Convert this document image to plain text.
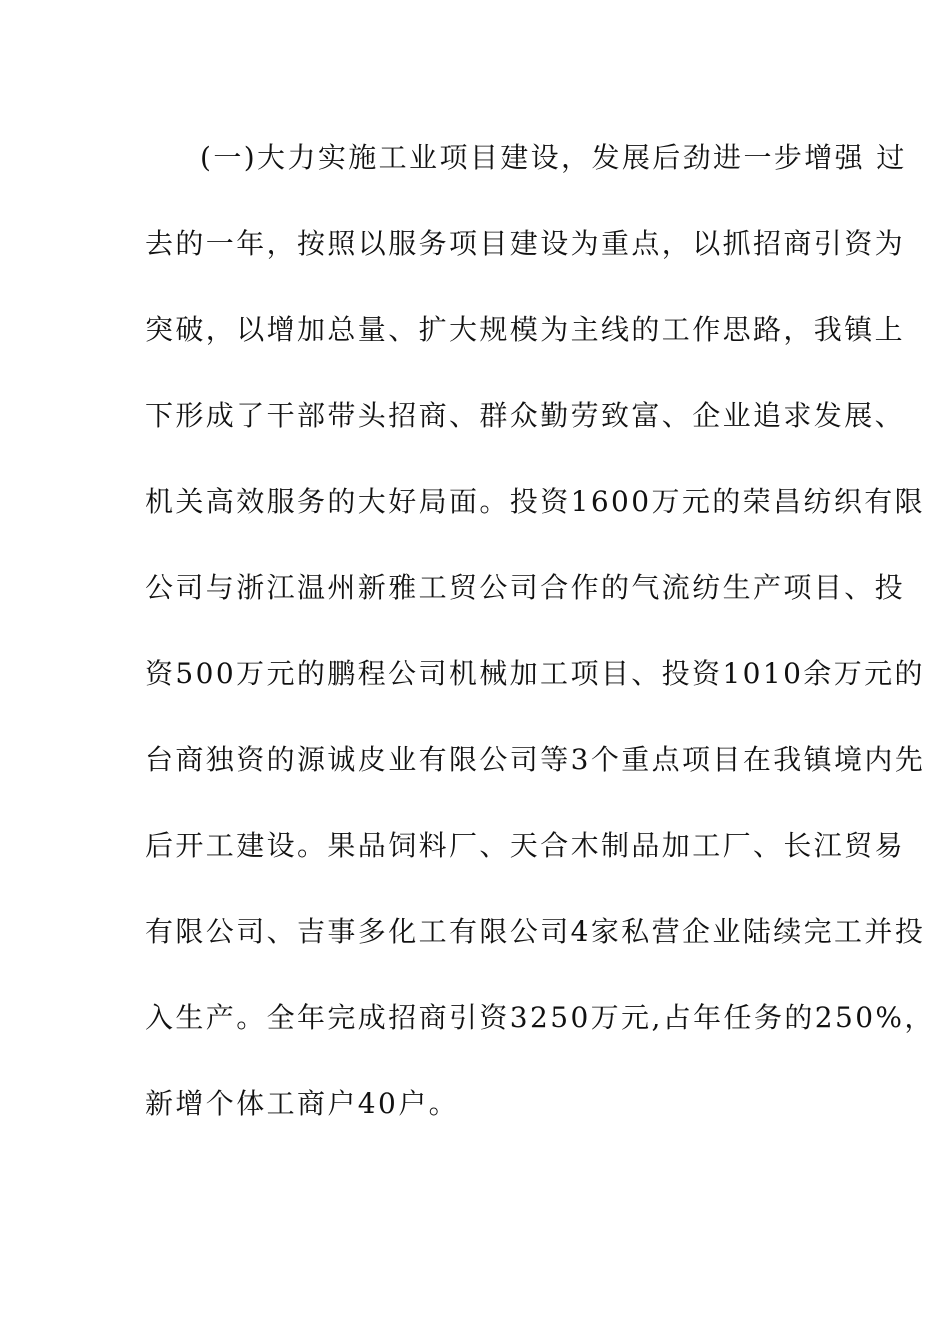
(一)大力实施工业项目建设，发展后劲进一步增强 过
去的一年，按照以服务项目建设为重点，以抓招商引资为
突破，以增加总量、扩大规模为主线的工作思路，我镇上
下形成了干部带头招商、群众勤劳致富、企业追求发展、
机关高效服务的大好局面。投资1600万元的荣昌纺织有限
公司与浙江温州新雅工贸公司合作的气流纺生产项目、投
资500万元的鹏程公司机械加工项目、投资1010余万元的
台商独资的源诚皮业有限公司等3个重点项目在我镇境内先
后开工建设。果品饲料厂、天合木制品加工厂、长江贸易
有限公司、吉事多化工有限公司4家私营企业陆续完工并投
入生产。全年完成招商引资3250万元,占年任务的250%，
新增个体工商户40户。
